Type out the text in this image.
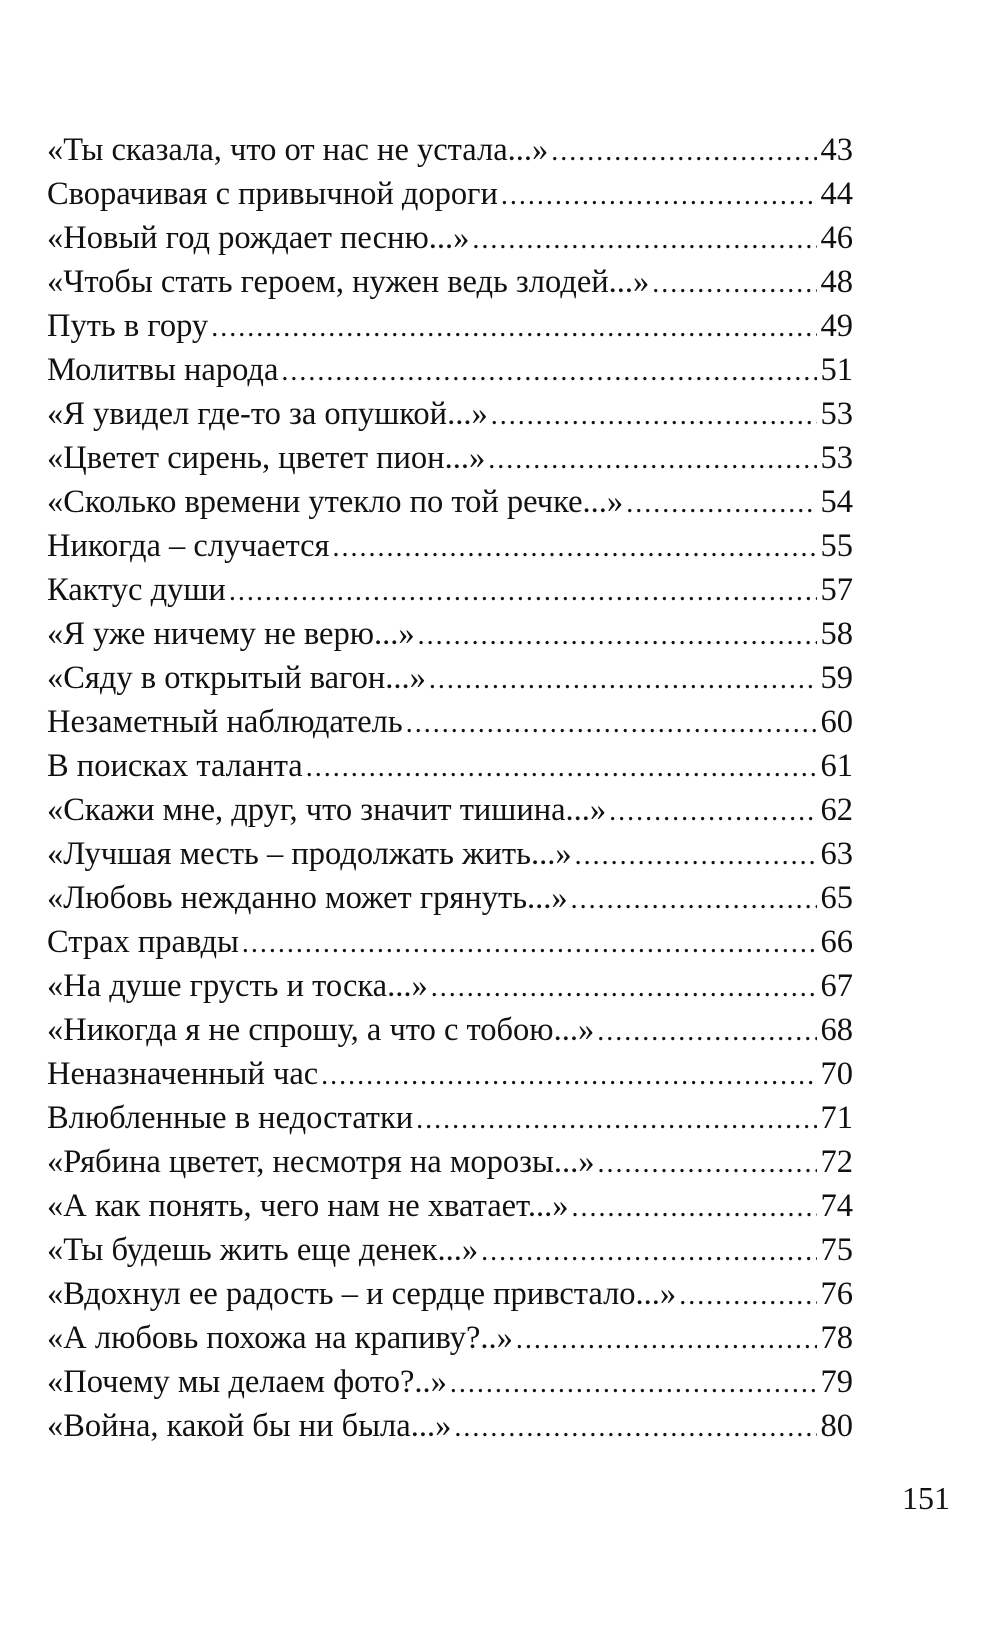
«Ты сказала, что от нас не устала...» .....	43
Сворачивая с привычной дороги .....	44
«Новый год рождает песню...» .....	46
«Чтобы стать героем, нужен ведь злодей...» .....	48
Путь в гору .....	49
Молитвы народа .....	51
«Я увидел где-то за опушкой...» .....	53
«Цветет сирень, цветет пион...» .....	53
«Сколько времени утекло по той речке...» .....	54
Никогда – случается .....	55
Кактус души .....	57
«Я уже ничему не верю...» .....	58
«Сяду в открытый вагон...» .....	59
Незаметный наблюдатель .....	60
В поисках таланта .....	61
«Скажи мне, друг, что значит тишина...» .....	62
«Лучшая месть – продолжать жить...» .....	63
«Любовь нежданно может грянуть...» .....	65
Страх правды .....	66
«На душе грусть и тоска...» .....	67
«Никогда я не спрошу, а что с тобою...» .....	68
Неназначенный час .....	70
Влюбленные в недостатки .....	71
«Рябина цветет, несмотря на морозы...» .....	72
«А как понять, чего нам не хватает...» .....	74
«Ты будешь жить еще денек...» .....	75
«Вдохнул ее радость – и сердце привстало...» .....	76
«А любовь похожа на крапиву?..» .....	78
«Почему мы делаем фото?..» .....	79
«Война, какой бы ни была...» .....	80
151
